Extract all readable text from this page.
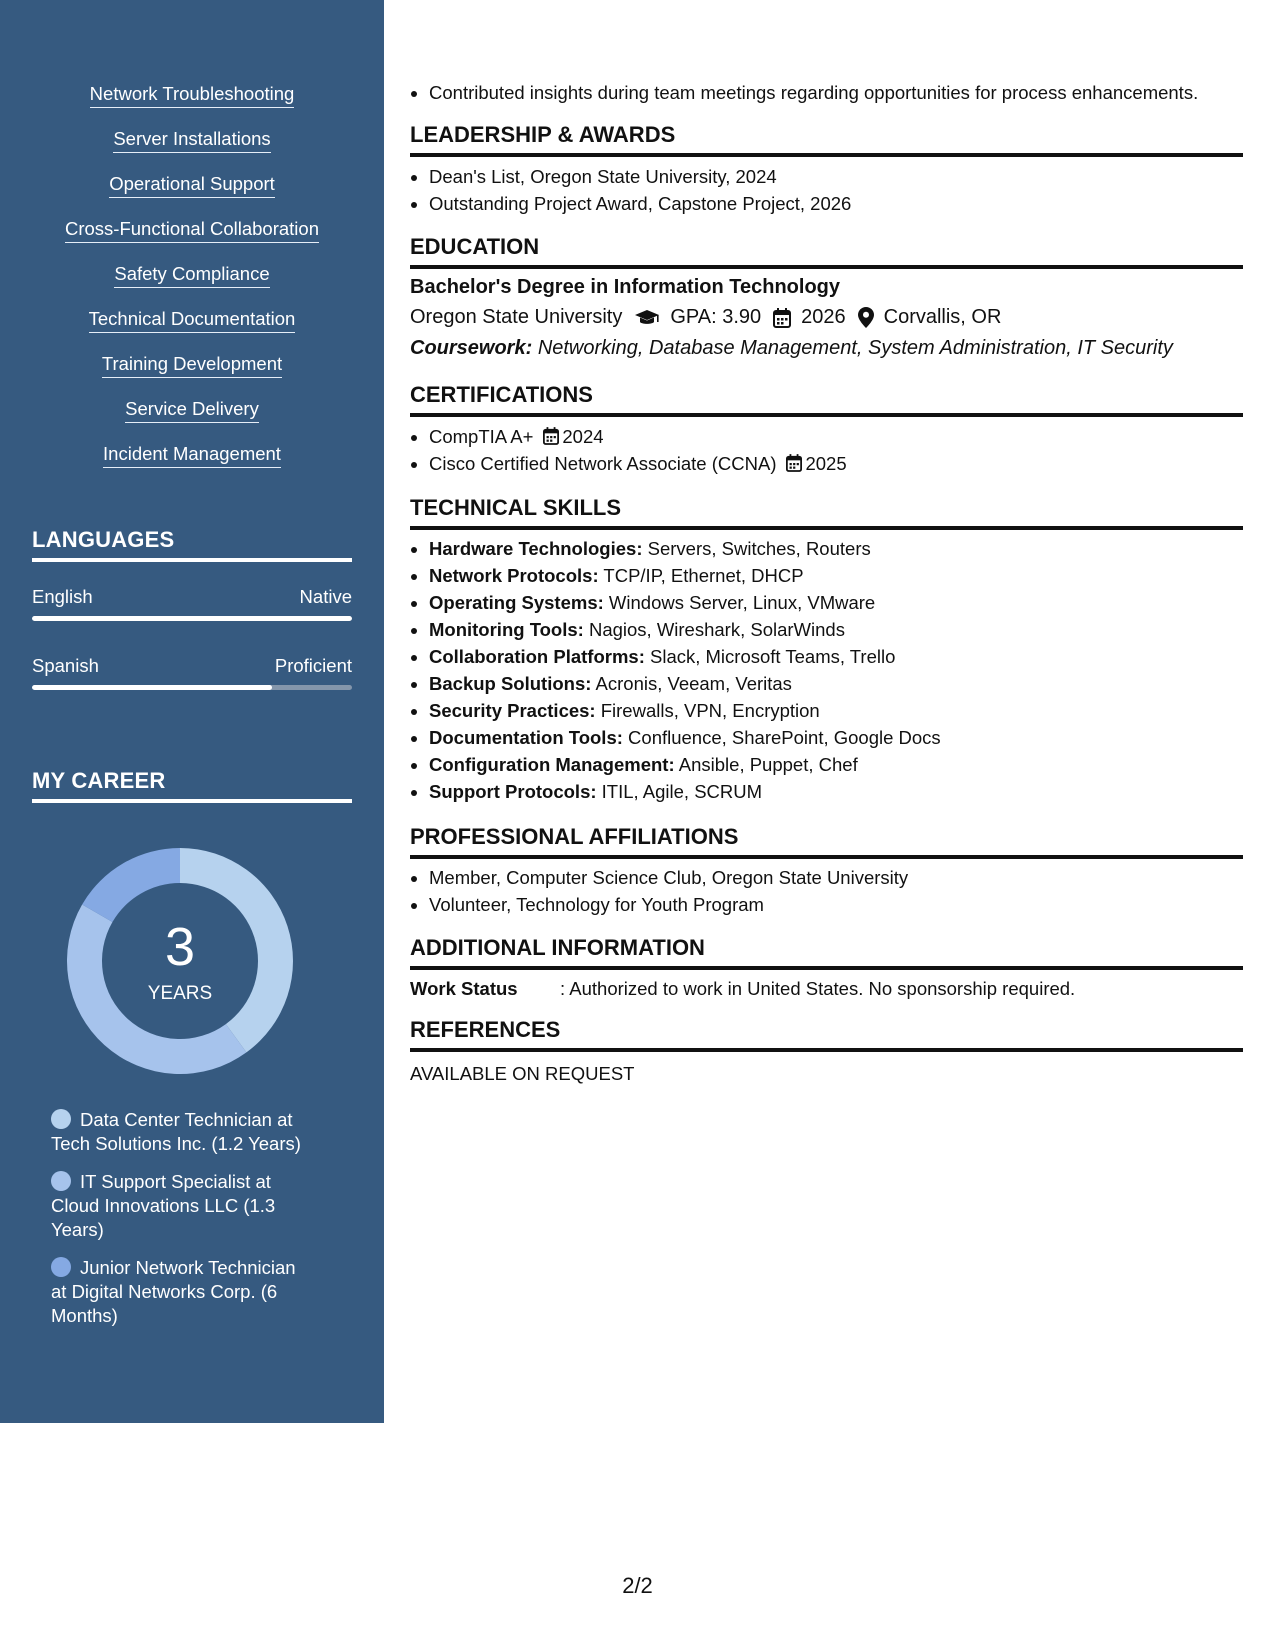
Network Troubleshooting
Server Installations
Operational Support
Cross-Functional Collaboration
Safety Compliance
Technical Documentation
Training Development
Service Delivery
Incident Management
LANGUAGES
English	Native
Spanish	Proficient
MY CAREER
3
YEARS
Data Center Technician at Tech Solutions Inc. (1.2 Years)
IT Support Specialist at Cloud Innovations LLC (1.3 Years)
Junior Network Technician at Digital Networks Corp. (6 Months)
• Contributed insights during team meetings regarding opportunities for process enhancements.
LEADERSHIP & AWARDS
• Dean's List, Oregon State University, 2024
• Outstanding Project Award, Capstone Project, 2026
EDUCATION
Bachelor's Degree in Information Technology
Oregon State University GPA: 3.90 2026 Corvallis, OR
Coursework: Networking, Database Management, System Administration, IT Security
CERTIFICATIONS
• CompTIA A+ 2024
• Cisco Certified Network Associate (CCNA) 2025
TECHNICAL SKILLS
• Hardware Technologies: Servers, Switches, Routers
• Network Protocols: TCP/IP, Ethernet, DHCP
• Operating Systems: Windows Server, Linux, VMware
• Monitoring Tools: Nagios, Wireshark, SolarWinds
• Collaboration Platforms: Slack, Microsoft Teams, Trello
• Backup Solutions: Acronis, Veeam, Veritas
• Security Practices: Firewalls, VPN, Encryption
• Documentation Tools: Confluence, SharePoint, Google Docs
• Configuration Management: Ansible, Puppet, Chef
• Support Protocols: ITIL, Agile, SCRUM
PROFESSIONAL AFFILIATIONS
• Member, Computer Science Club, Oregon State University
• Volunteer, Technology for Youth Program
ADDITIONAL INFORMATION
Work Status	: Authorized to work in United States. No sponsorship required.
REFERENCES
AVAILABLE ON REQUEST
2/2
